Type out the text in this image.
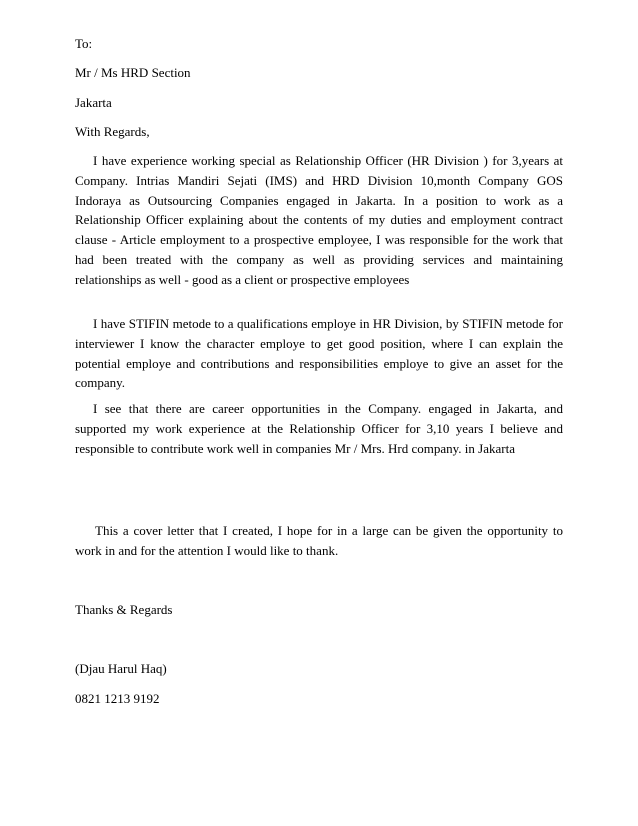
To:

Mr / Ms HRD Section

Jakarta

With Regards,

I have experience working special as Relationship Officer (HR Division ) for 3,years at Company. Intrias Mandiri Sejati (IMS) and HRD Division 10,month Company GOS Indoraya as Outsourcing Companies engaged in Jakarta. In a position to work as a Relationship Officer explaining about the contents of my duties and employment contract clause - Article employment to a prospective employee, I was responsible for the work that had been treated with the company as well as providing services and maintaining relationships as well - good as a client or prospective employees

I have STIFIN metode to a qualifications employe in HR Division, by STIFIN metode for interviewer I know the character employe to get good position, where I can explain the potential employe and contributions and responsibilities employe to give an asset for the company.

I see that there are career opportunities in the Company. engaged in Jakarta, and supported my work experience at the Relationship Officer for 3,10 years I believe and responsible to contribute work well in companies Mr / Mrs. Hrd company. in Jakarta

This a cover letter that I created, I hope for in a large can be given the opportunity to work in and for the attention I would like to thank.

Thanks & Regards

(Djau Harul Haq)

0821 1213 9192
